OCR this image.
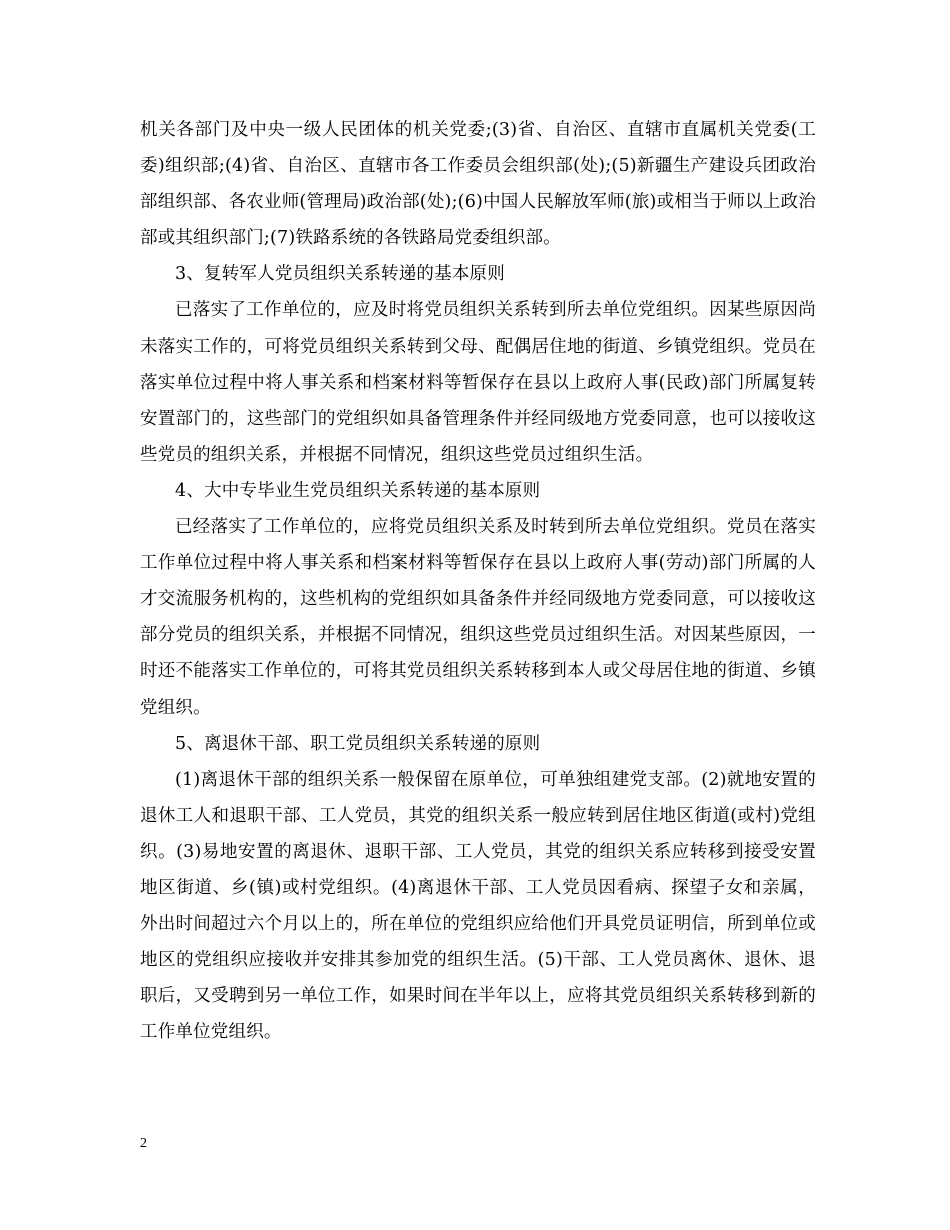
机关各部门及中央一级人民团体的机关党委;(3)省、自治区、直辖市直属机关党委(工委)组织部;(4)省、自治区、直辖市各工作委员会组织部(处);(5)新疆生产建设兵团政治部组织部、各农业师(管理局)政治部(处);(6)中国人民解放军师(旅)或相当于师以上政治部或其组织部门;(7)铁路系统的各铁路局党委组织部。

3、复转军人党员组织关系转递的基本原则

已落实了工作单位的，应及时将党员组织关系转到所去单位党组织。因某些原因尚未落实工作的，可将党员组织关系转到父母、配偶居住地的街道、乡镇党组织。党员在落实单位过程中将人事关系和档案材料等暂保存在县以上政府人事(民政)部门所属复转安置部门的，这些部门的党组织如具备管理条件并经同级地方党委同意，也可以接收这些党员的组织关系，并根据不同情况，组织这些党员过组织生活。

4、大中专毕业生党员组织关系转递的基本原则

已经落实了工作单位的，应将党员组织关系及时转到所去单位党组织。党员在落实工作单位过程中将人事关系和档案材料等暂保存在县以上政府人事(劳动)部门所属的人才交流服务机构的，这些机构的党组织如具备条件并经同级地方党委同意，可以接收这部分党员的组织关系，并根据不同情况，组织这些党员过组织生活。对因某些原因，一时还不能落实工作单位的，可将其党员组织关系转移到本人或父母居住地的街道、乡镇党组织。

5、离退休干部、职工党员组织关系转递的原则

(1)离退休干部的组织关系一般保留在原单位，可单独组建党支部。(2)就地安置的退休工人和退职干部、工人党员，其党的组织关系一般应转到居住地区街道(或村)党组织。(3)易地安置的离退休、退职干部、工人党员，其党的组织关系应转移到接受安置地区街道、乡(镇)或村党组织。(4)离退休干部、工人党员因看病、探望子女和亲属，外出时间超过六个月以上的，所在单位的党组织应给他们开具党员证明信，所到单位或地区的党组织应接收并安排其参加党的组织生活。(5)干部、工人党员离休、退休、退职后，又受聘到另一单位工作，如果时间在半年以上，应将其党员组织关系转移到新的工作单位党组织。

2
